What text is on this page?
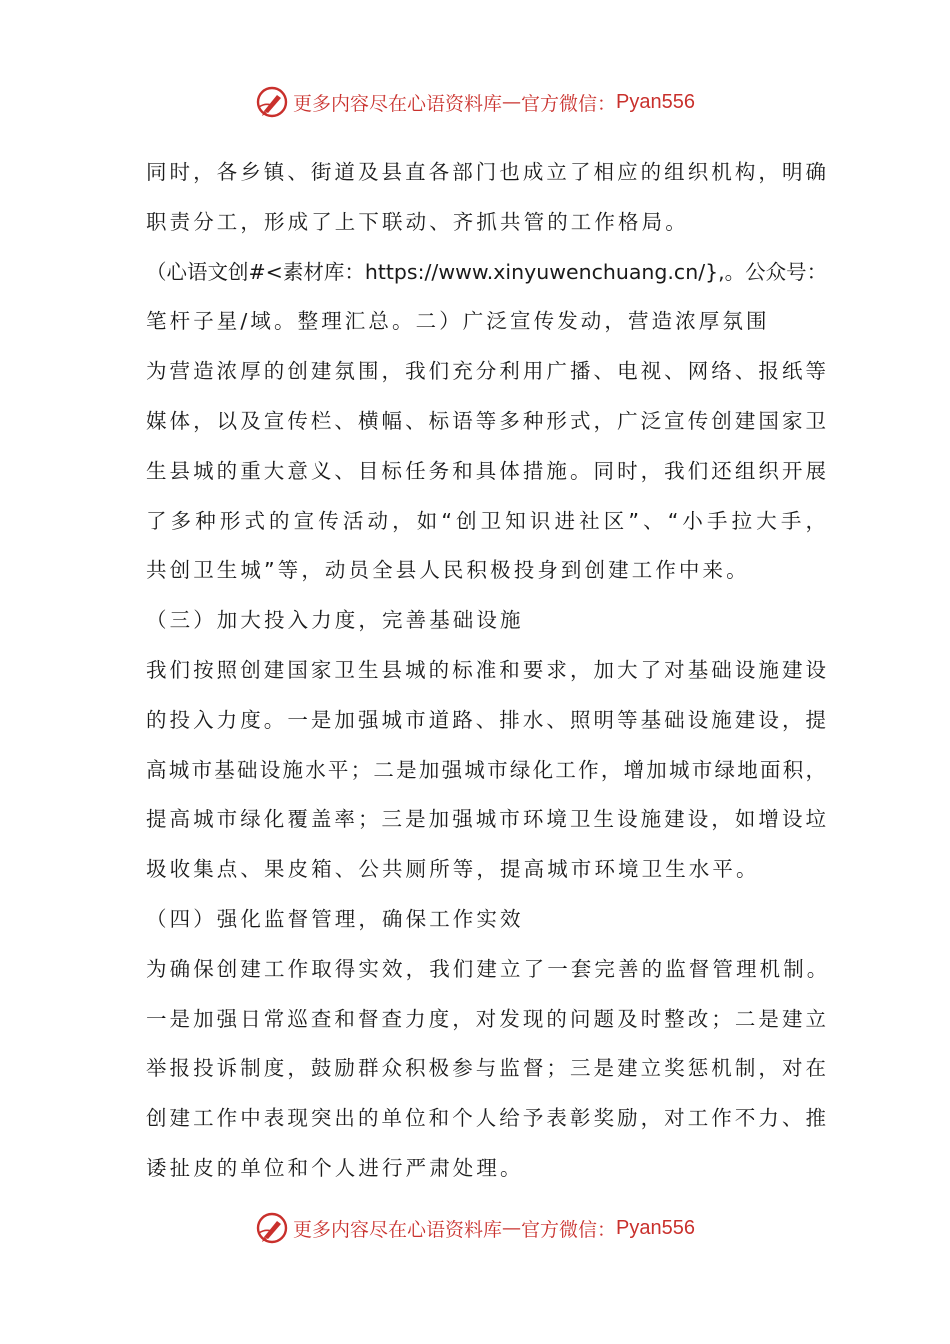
更多内容尽在心语资料库 — 官方微信： Pyan556
同时，各乡镇、街道及县直各部门也成立了相应的组织机构，明确
职责分工，形成了上下联动、齐抓共管的工作格局。
（心语文创#<素材库：https://www.xinyuwenchuang.cn/},。公众号：
笔杆子星/域。整理汇总。二）广泛宣传发动，营造浓厚氛围
为营造浓厚的创建氛围，我们充分利用广播、电视、网络、报纸等
媒体，以及宣传栏、横幅、标语等多种形式，广泛宣传创建国家卫
生县城的重大意义、目标任务和具体措施。同时，我们还组织开展
了多种形式的宣传活动，如“创卫知识进社区”、“小手拉大手，
共创卫生城”等，动员全县人民积极投身到创建工作中来。
（三）加大投入力度，完善基础设施
我们按照创建国家卫生县城的标准和要求，加大了对基础设施建设
的投入力度。一是加强城市道路、排水、照明等基础设施建设，提
高城市基础设施水平；二是加强城市绿化工作，增加城市绿地面积，
提高城市绿化覆盖率；三是加强城市环境卫生设施建设，如增设垃
圾收集点、果皮箱、公共厕所等，提高城市环境卫生水平。
（四）强化监督管理，确保工作实效
为确保创建工作取得实效，我们建立了一套完善的监督管理机制。
一是加强日常巡查和督查力度，对发现的问题及时整改；二是建立
举报投诉制度，鼓励群众积极参与监督；三是建立奖惩机制，对在
创建工作中表现突出的单位和个人给予表彰奖励，对工作不力、推
诿扯皮的单位和个人进行严肃处理。
更多内容尽在心语资料库 — 官方微信： Pyan556
